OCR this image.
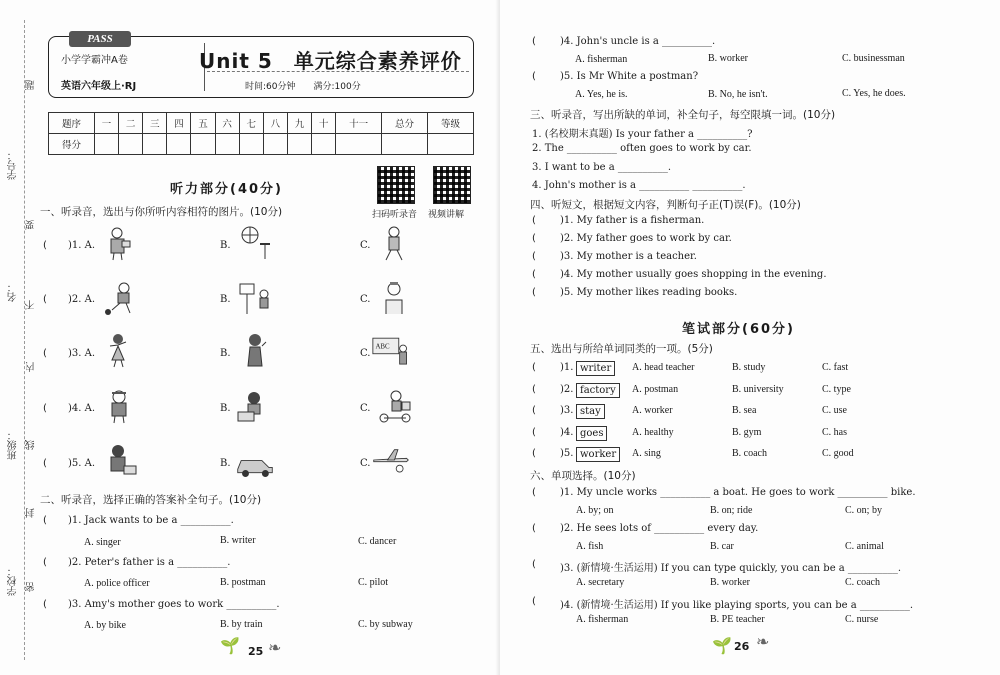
题
学号：
要
名：
不
内
班级： 线
封
学校： 密
PASS
小学学霸冲A卷
英语六年级上·RJ
Unit 5　单元综合素养评价
时间:60分钟　　满分:100分
题序	一	二	三	四	五	六	七	八	九	十	十一	总分	等级
得分													
听力部分(40分)
扫码听录音 视频讲解
一、听录音，选出与你所听内容相符的图片。(10分)
( )1. A.	B.	C.
( )2. A.	B.	C.
( )3. A.	B.	C.
ABC
( )4. A.	B.	C.
( )5. A.	B.	C.
二、听录音，选择正确的答案补全句子。(10分)
( )1. Jack wants to be a __________.
A. singer	B. writer	C. dancer
( )2. Peter's father is a __________.
A. police officer	B. postman	C. pilot
( )3. Amy's mother goes to work __________.
A. by bike	B. by train	C. by subway
🌱 25 ❧
( )4. John's uncle is a __________.
A. fisherman	B. worker	C. businessman
( )5. Is Mr White a postman?
A. Yes, he is.	B. No, he isn't.	C. Yes, he does.
三、听录音，写出所缺的单词，补全句子，每空限填一词。(10分)
1. (名校期末真题) Is your father a __________?
2. The __________ often goes to work by car.
3. I want to be a __________.
4. John's mother is a __________ __________.
四、听短文，根据短文内容，判断句子正(T)误(F)。(10分)
( )1. My father is a fisherman.
( )2. My father goes to work by car.
( )3. My mother is a teacher.
( )4. My mother usually goes shopping in the evening.
( )5. My mother likes reading books.
笔试部分(60分)
五、选出与所给单词同类的一项。(5分)
( )1. writer	A. head teacher	B. study	C. fast
( )2. factory	A. postman	B. university	C. type
( )3. stay	A. worker	B. sea	C. use
( )4. goes	A. healthy	B. gym	C. has
( )5. worker	A. sing	B. coach	C. good
六、单项选择。(10分)
( )1. My uncle works __________ a boat. He goes to work __________ bike.
A. by; on	B. on; ride	C. on; by
( )2. He sees lots of __________ every day.
A. fish	B. car	C. animal
( )3. (新情境·生活运用) If you can type quickly, you can be a __________.
A. secretary	B. worker	C. coach
( )4. (新情境·生活运用) If you like playing sports, you can be a __________.
A. fisherman	B. PE teacher	C. nurse
🌱 26 ❧
